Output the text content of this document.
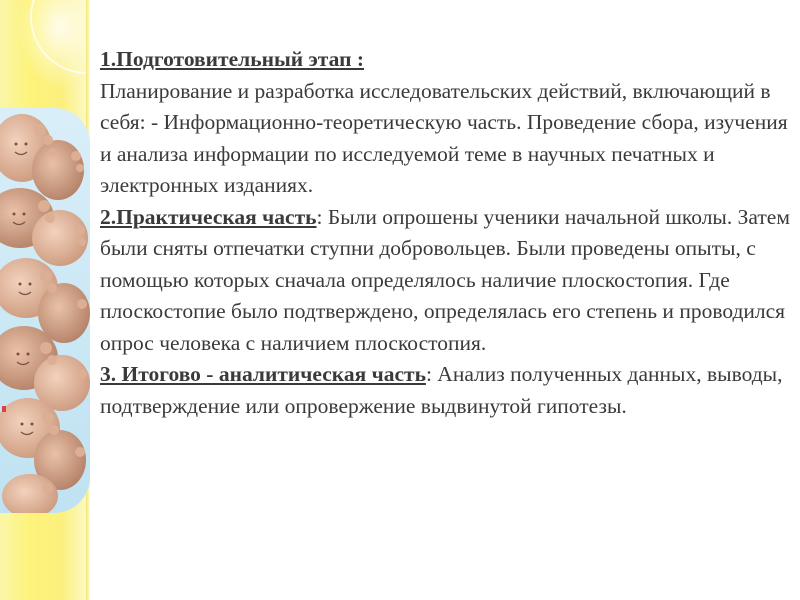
1.Подготовительный этап :
Планирование и разработка исследовательских действий, включающий в себя: - Информационно-теоретическую часть. Проведение сбора, изучения и анализа информации по исследуемой теме в научных печатных и электронных изданиях.

2.Практическая часть: Были опрошены ученики начальной школы. Затем были сняты отпечатки ступни добровольцев. Были проведены опыты, с помощью которых сначала определялось наличие плоскостопия. Где плоскостопие было подтверждено, определялась его степень и проводился опрос человека с наличием плоскостопия.

3. Итогово - аналитическая часть: Анализ полученных данных, выводы, подтверждение или опровержение выдвинутой гипотезы.
